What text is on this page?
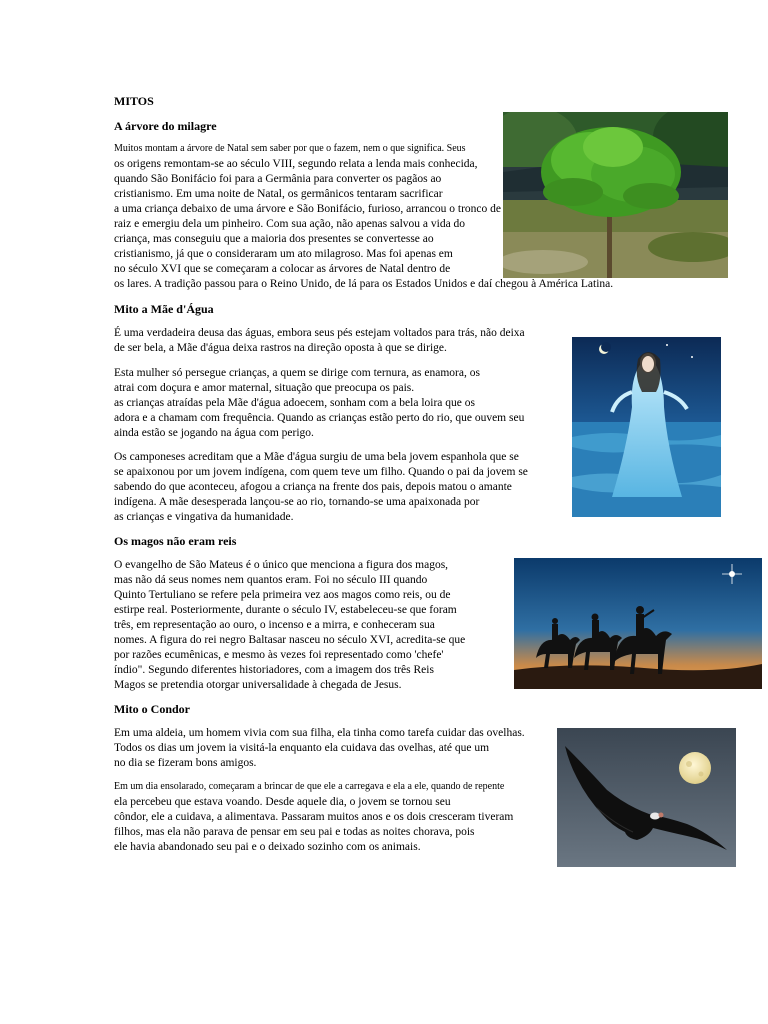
MITOS
A árvore do milagre
Muitos montam a árvore de Natal sem saber por que o fazem, nem o que significa. Seus
os origens remontam-se ao século VIII, segundo relata a lenda mais conhecida,
quando São Bonifácio foi para a Germânia para converter os pagãos ao
cristianismo. Em uma noite de Natal, os germânicos tentaram sacrificar
a uma criança debaixo de uma árvore e São Bonifácio, furioso, arrancou o tronco de
raiz e emergiu dela um pinheiro. Com sua ação, não apenas salvou a vida do
criança, mas conseguiu que a maioria dos presentes se convertesse ao
cristianismo, já que o consideraram um ato milagroso. Mas foi apenas em
no século XVI que se começaram a colocar as árvores de Natal dentro de
os lares. A tradição passou para o Reino Unido, de lá para os Estados Unidos e daí chegou à América Latina.
Mito a Mãe d'Água
É uma verdadeira deusa das águas, embora seus pés estejam voltados para trás, não deixa
de ser bela, a Mãe d'água deixa rastros na direção oposta à que se dirige.
Esta mulher só persegue crianças, a quem se dirige com ternura, as enamora, os
atrai com doçura e amor maternal, situação que preocupa os pais.
as crianças atraídas pela Mãe d'água adoecem, sonham com a bela loira que os
adora e a chamam com frequência. Quando as crianças estão perto do rio, que ouvem seu
ainda estão se jogando na água com perigo.
Os camponeses acreditam que a Mãe d'água surgiu de uma bela jovem espanhola que se
se apaixonou por um jovem indígena, com quem teve um filho. Quando o pai da jovem se
sabendo do que aconteceu, afogou a criança na frente dos pais, depois matou o amante
indígena. A mãe desesperada lançou-se ao rio, tornando-se uma apaixonada por
as crianças e vingativa da humanidade.
Os magos não eram reis
O evangelho de São Mateus é o único que menciona a figura dos magos,
mas não dá seus nomes nem quantos eram. Foi no século III quando
Quinto Tertuliano se refere pela primeira vez aos magos como reis, ou de
estirpe real. Posteriormente, durante o século IV, estabeleceu-se que foram
três, em representação ao ouro, o incenso e a mirra, e conheceram sua
nomes. A figura do rei negro Baltasar nasceu no século XVI, acredita-se que
por razões ecumênicas, e mesmo às vezes foi representado como 'chefe'
índio". Segundo diferentes historiadores, com a imagem dos três Reis
Magos se pretendia otorgar universalidade à chegada de Jesus.
Mito o Condor
Em uma aldeia, um homem vivia com sua filha, ela tinha como tarefa cuidar das ovelhas.
Todos os dias um jovem ia visitá-la enquanto ela cuidava das ovelhas, até que um
no dia se fizeram bons amigos.
Em um dia ensolarado, começaram a brincar de que ele a carregava e ela a ele, quando de repente
ela percebeu que estava voando. Desde aquele dia, o jovem se tornou seu
côndor, ele a cuidava, a alimentava. Passaram muitos anos e os dois cresceram tiveram
filhos, mas ela não parava de pensar em seu pai e todas as noites chorava, pois
ele havia abandonado seu pai e o deixado sozinho com os animais.
